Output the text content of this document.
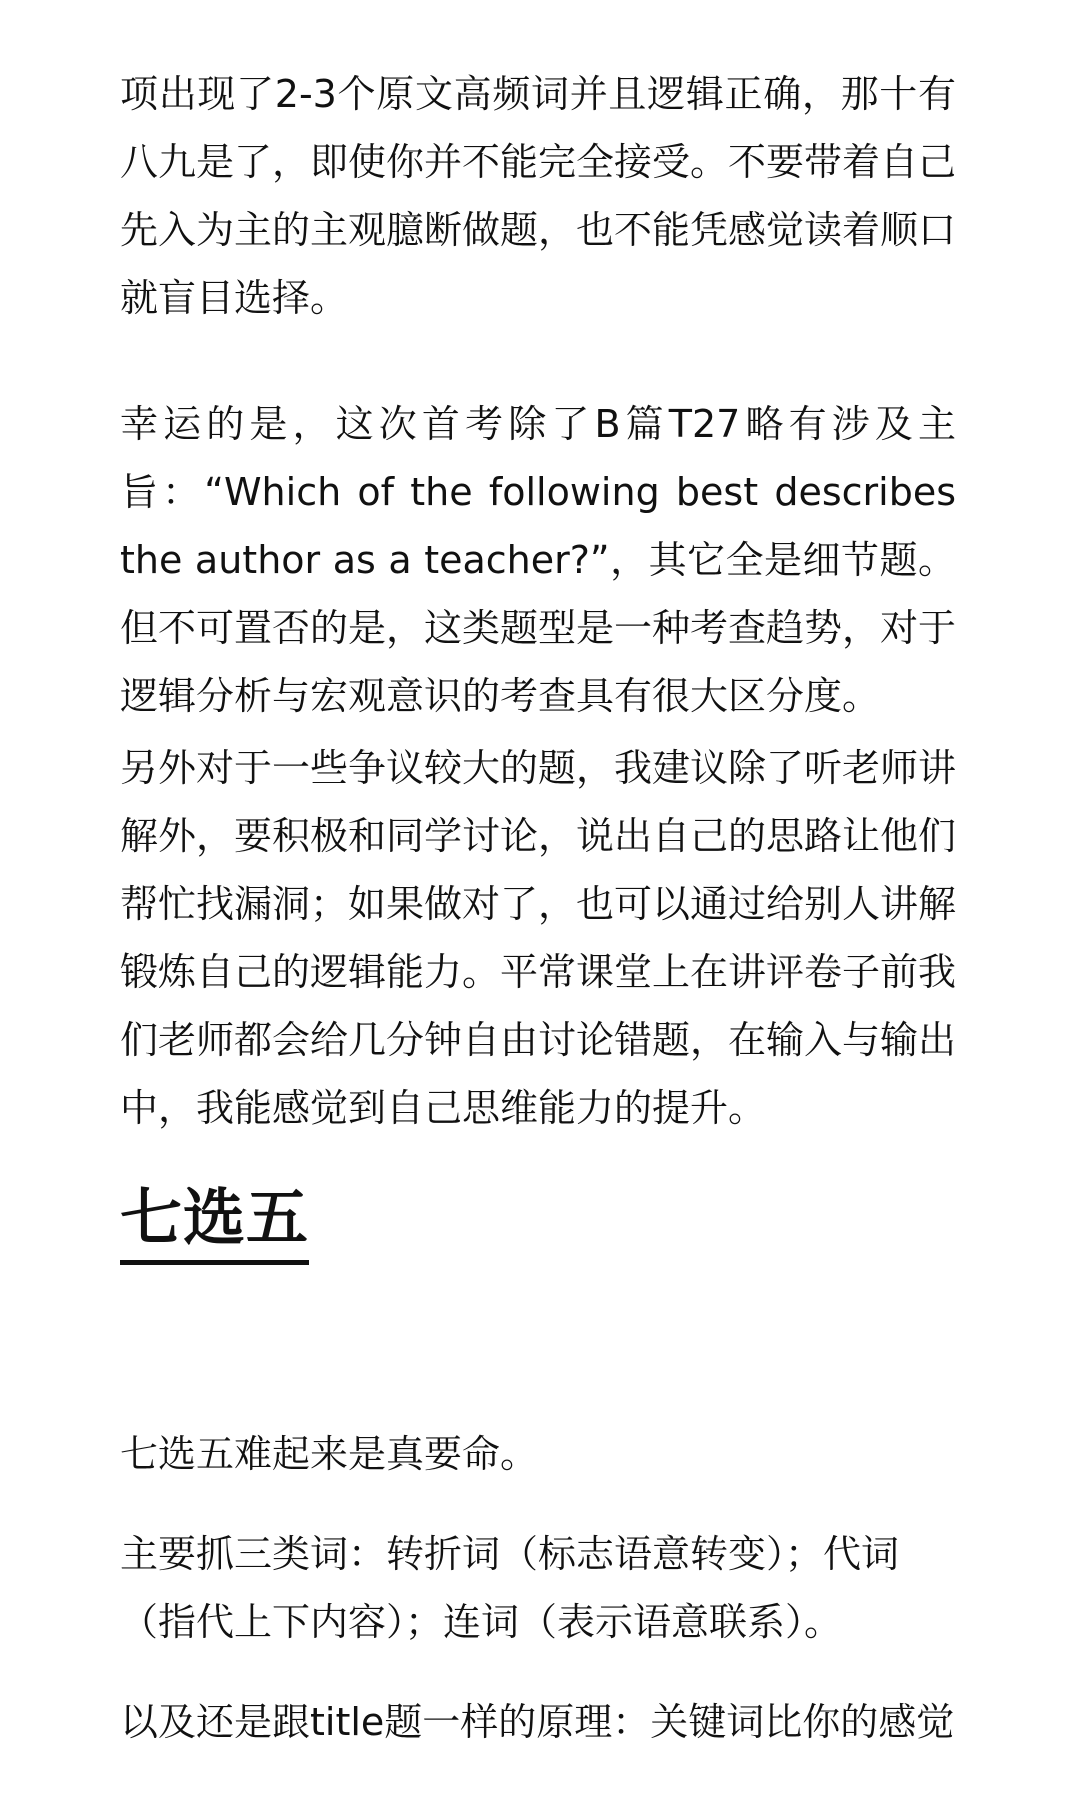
项出现了2-3个原文高频词并且逻辑正确，那十有
八九是了，即使你并不能完全接受。不要带着自己
先入为主的主观臆断做题，也不能凭感觉读着顺口
就盲目选择。
幸运的是，这次首考除了B篇T27略有涉及主
旨：“Which of the following best describes
the author as a teacher?”，其它全是细节题。
但不可置否的是，这类题型是一种考查趋势，对于
逻辑分析与宏观意识的考查具有很大区分度。
另外对于一些争议较大的题，我建议除了听老师讲
解外，要积极和同学讨论，说出自己的思路让他们
帮忙找漏洞；如果做对了，也可以通过给别人讲解
锻炼自己的逻辑能力。平常课堂上在讲评卷子前我
们老师都会给几分钟自由讨论错题，在输入与输出
中，我能感觉到自己思维能力的提升。
七选五
七选五难起来是真要命。
主要抓三类词：转折词（标志语意转变）；代词
（指代上下内容）；连词（表示语意联系）。
以及还是跟title题一样的原理：关键词比你的感觉
